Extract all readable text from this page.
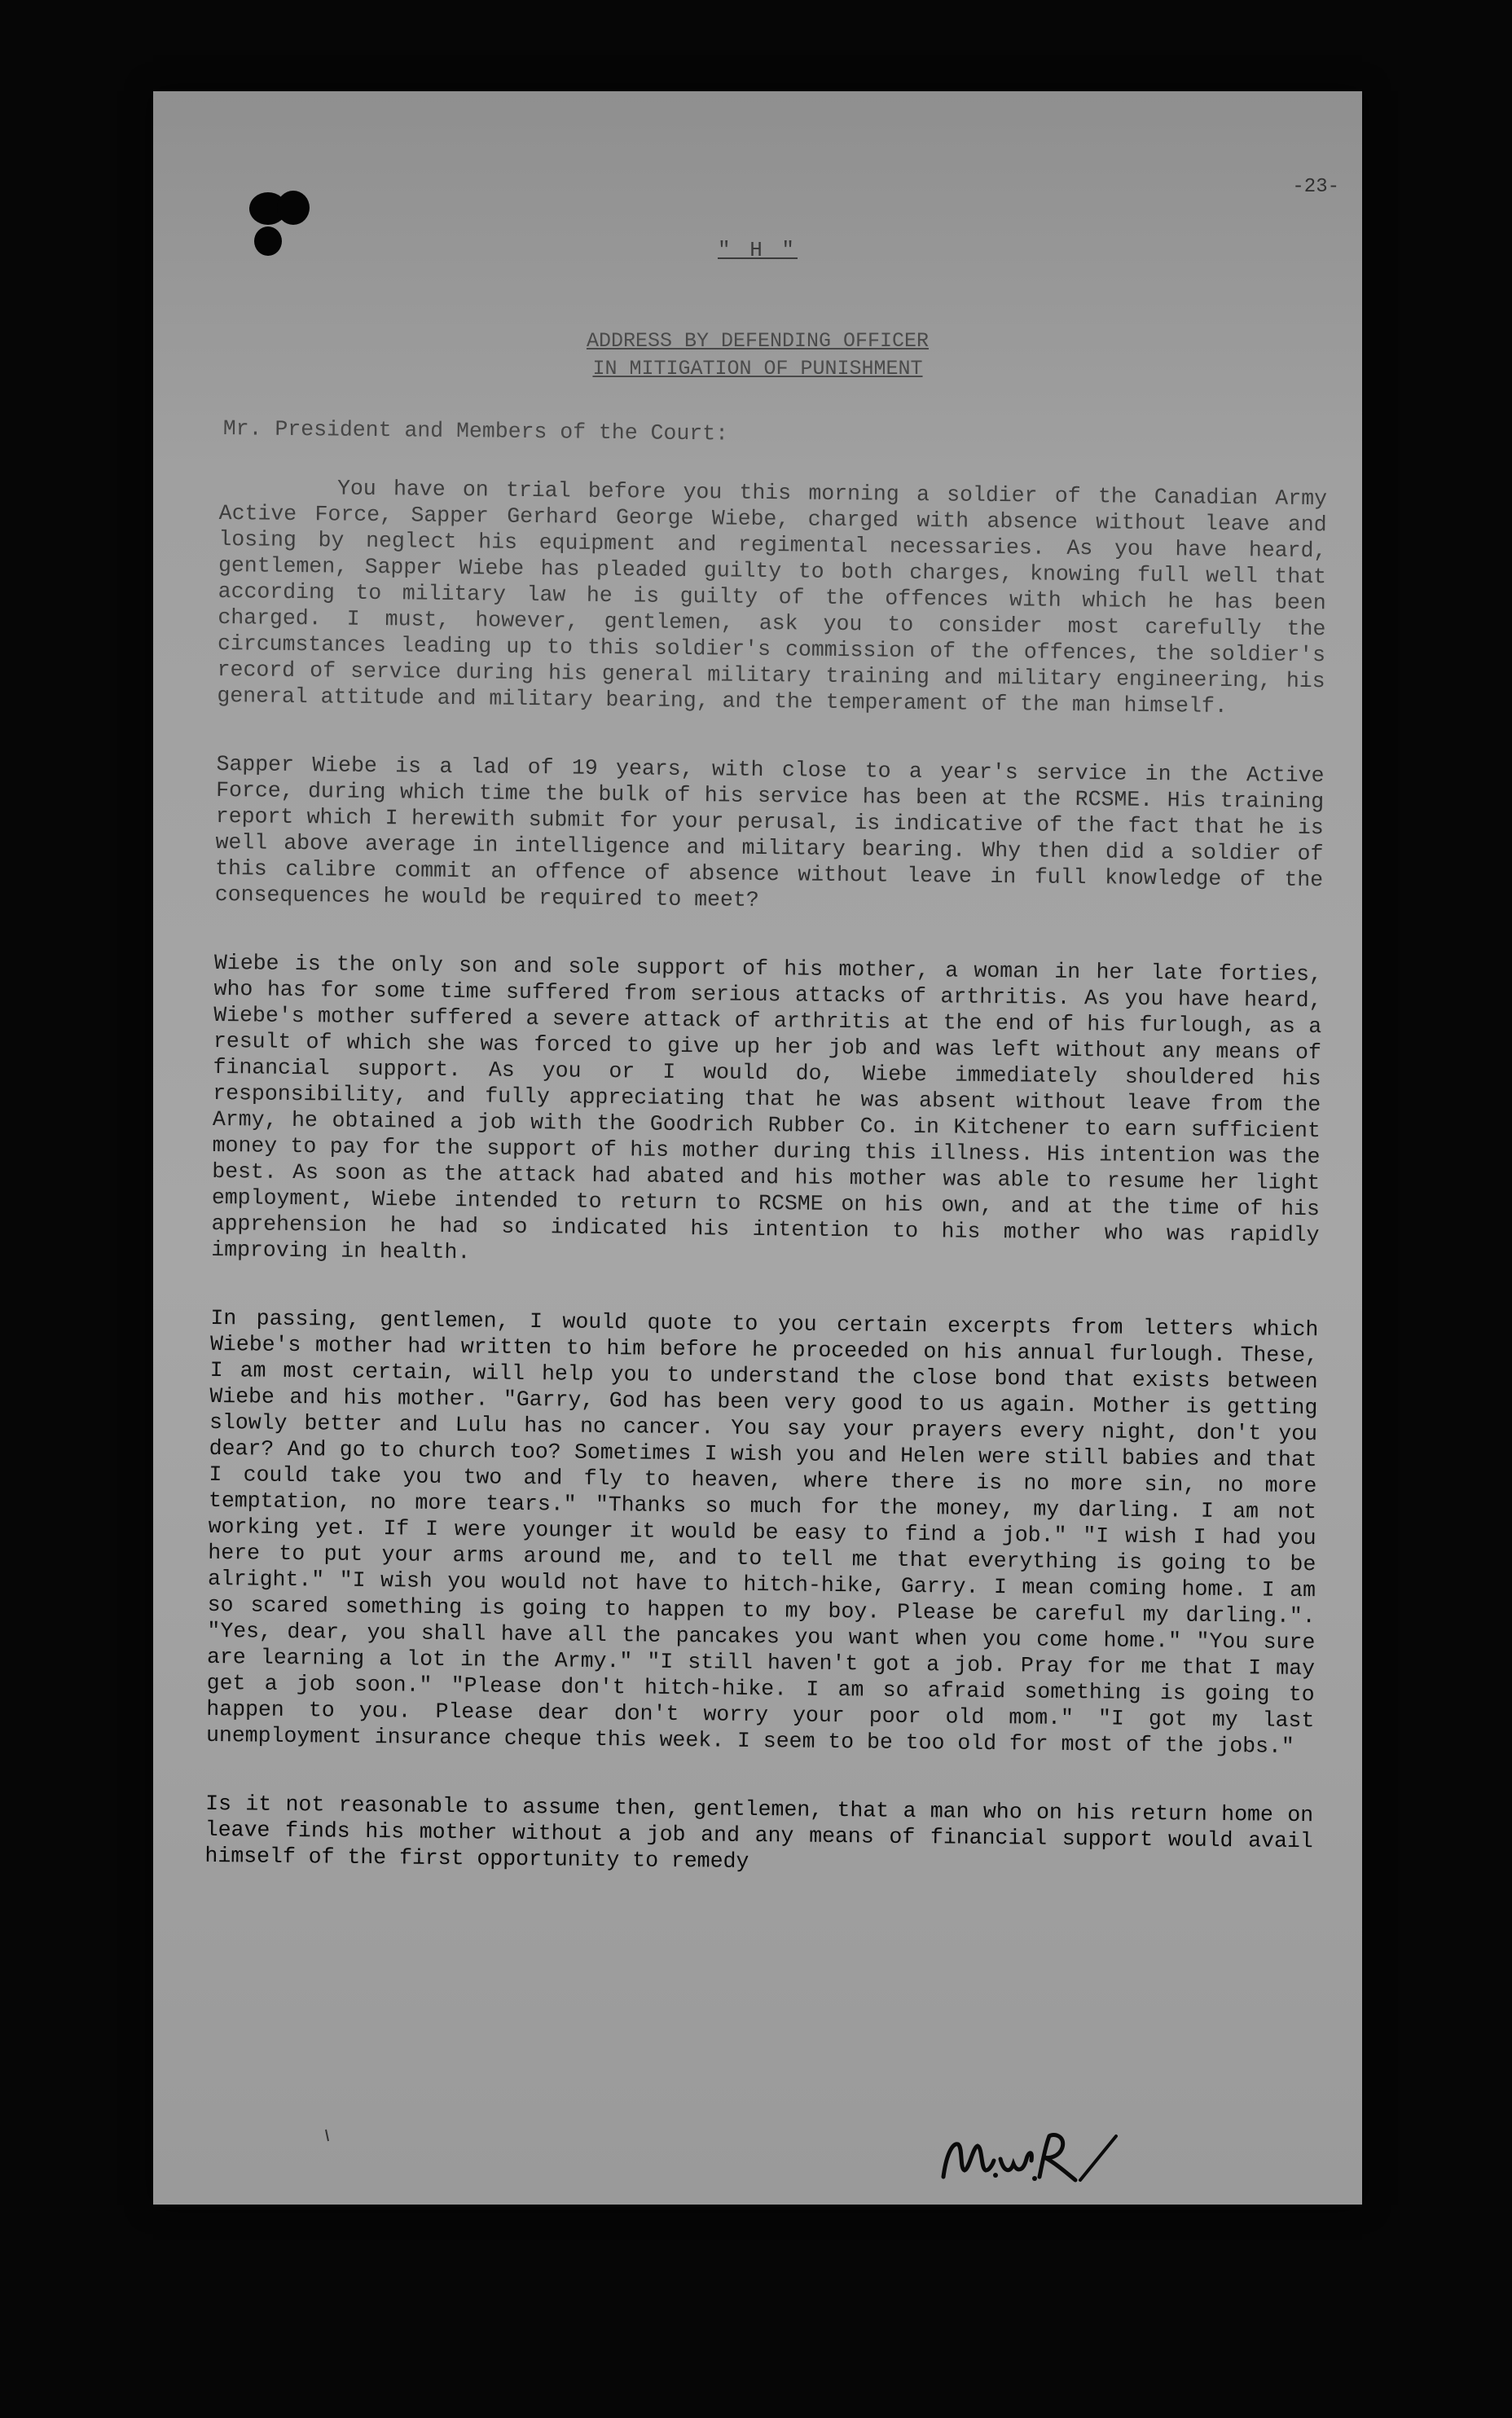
-23-
" H "
ADDRESS BY DEFENDING OFFICER
IN MITIGATION OF PUNISHMENT
Mr. President and Members of the Court:

You have on trial before you this morning a soldier of the Canadian Army Active Force, Sapper Gerhard George Wiebe, charged with absence without leave and losing by neglect his equipment and regimental necessaries. As you have heard, gentlemen, Sapper Wiebe has pleaded guilty to both charges, knowing full well that according to military law he is guilty of the offences with which he has been charged. I must, however, gentlemen, ask you to consider most carefully the circumstances leading up to this soldier's commission of the offences, the soldier's record of service during his general military training and military engineering, his general attitude and military bearing, and the temperament of the man himself.

Sapper Wiebe is a lad of 19 years, with close to a year's service in the Active Force, during which time the bulk of his service has been at the RCSME. His training report which I herewith submit for your perusal, is indicative of the fact that he is well above average in intelligence and military bearing. Why then did a soldier of this calibre commit an offence of absence without leave in full knowledge of the consequences he would be required to meet?

Wiebe is the only son and sole support of his mother, a woman in her late forties, who has for some time suffered from serious attacks of arthritis. As you have heard, Wiebe's mother suffered a severe attack of arthritis at the end of his furlough, as a result of which she was forced to give up her job and was left without any means of financial support. As you or I would do, Wiebe immediately shouldered his responsibility, and fully appreciating that he was absent without leave from the Army, he obtained a job with the Goodrich Rubber Co. in Kitchener to earn sufficient money to pay for the support of his mother during this illness. His intention was the best. As soon as the attack had abated and his mother was able to resume her light employment, Wiebe intended to return to RCSME on his own, and at the time of his apprehension he had so indicated his intention to his mother who was rapidly improving in health.

In passing, gentlemen, I would quote to you certain excerpts from letters which Wiebe's mother had written to him before he proceeded on his annual furlough. These, I am most certain, will help you to understand the close bond that exists between Wiebe and his mother. "Garry, God has been very good to us again. Mother is getting slowly better and Lulu has no cancer. You say your prayers every night, don't you dear? And go to church too? Sometimes I wish you and Helen were still babies and that I could take you two and fly to heaven, where there is no more sin, no more temptation, no more tears." "Thanks so much for the money, my darling. I am not working yet. If I were younger it would be easy to find a job." "I wish I had you here to put your arms around me, and to tell me that everything is going to be alright." "I wish you would not have to hitch-hike, Garry. I mean coming home. I am so scared something is going to happen to my boy. Please be careful my darling.". "Yes, dear, you shall have all the pancakes you want when you come home." "You sure are learning a lot in the Army." "I still haven't got a job. Pray for me that I may get a job soon." "Please don't hitch-hike. I am so afraid something is going to happen to you. Please dear don't worry your poor old mom." "I got my last unemployment insurance cheque this week. I seem to be too old for most of the jobs."

Is it not reasonable to assume then, gentlemen, that a man who on his return home on leave finds his mother without a job and any means of financial support would avail himself of the first opportunity to remedy
